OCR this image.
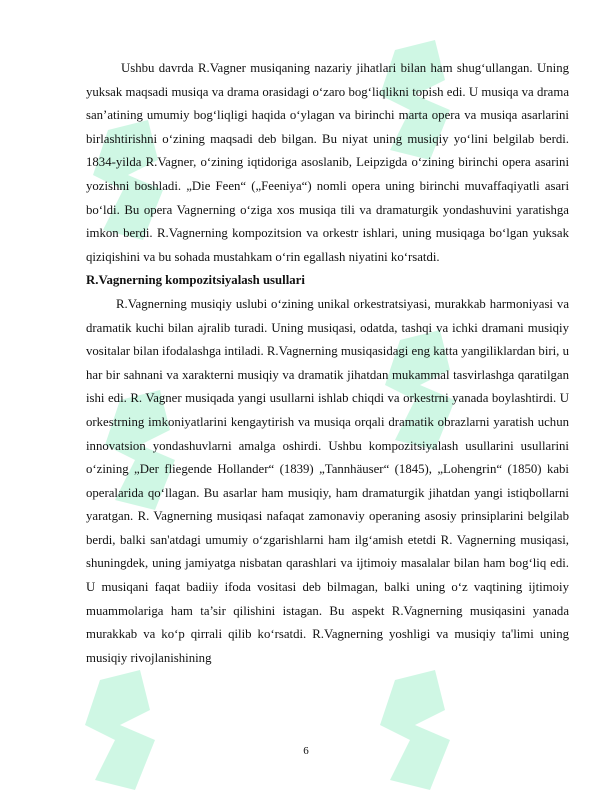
Ushbu davrda R.Vagner musiqaning nazariy jihatlari bilan ham shug‘ullangan. Uning yuksak maqsadi musiqa va drama orasidagi o‘zaro bog‘liqlikni topish edi. U musiqa va drama san’atining umumiy bog‘liqligi haqida o‘ylagan va birinchi marta opera va musiqa asarlarini birlashtirishni o‘zining maqsadi deb bilgan. Bu niyat uning musiqiy yo‘lini belgilab berdi. 1834-yilda R.Vagner, o‘zining iqtidoriga asoslanib, Leipzigda o‘zining birinchi opera asarini yozishni boshladi. „Die Feen“ („Feeniya“) nomli opera uning birinchi muvaffaqiyatli asari bo‘ldi. Bu opera Vagnerning o‘ziga xos musiqa tili va dramaturgik yondashuvini yaratishga imkon berdi. R.Vagnerning kompozitsion va orkestr ishlari, uning musiqaga bo‘lgan yuksak qiziqishini va bu sohada mustahkam o‘rin egallash niyatini ko‘rsatdi.

R.Vagnerning kompozitsiyalash usullari

R.Vagnerning musiqiy uslubi o‘zining unikal orkestratsiyasi, murakkab harmoniyasi va dramatik kuchi bilan ajralib turadi. Uning musiqasi, odatda, tashqi va ichki dramani musiqiy vositalar bilan ifodalashga intiladi. R.Vagnerning musiqasidagi eng katta yangiliklardan biri, u har bir sahnani va xarakterni musiqiy va dramatik jihatdan mukammal tasvirlashga qaratilgan ishi edi. R. Vagner musiqada yangi usullarni ishlab chiqdi va orkestrni yanada boylashtirdi. U orkestrning imkoniyatlarini kengaytirish va musiqa orqali dramatik obrazlarni yaratish uchun innovatsion yondashuvlarni amalga oshirdi. Ushbu kompozitsiyalash usullarini usullarini o‘zining „Der fliegende Hollander“ (1839) „Tannhäuser“ (1845), „Lohengrin“ (1850) kabi operalarida qo‘llagan. Bu asarlar ham musiqiy, ham dramaturgik jihatdan yangi istiqbollarni yaratgan. R. Vagnerning musiqasi nafaqat zamonaviy operaning asosiy prinsiplarini belgilab berdi, balki san'atdagi umumiy o‘zgarishlarni ham ilg‘amish etetdi R. Vagnerning musiqasi, shuningdek, uning jamiyatga nisbatan qarashlari va ijtimoiy masalalar bilan ham bog‘liq edi. U musiqani faqat badiiy ifoda vositasi deb bilmagan, balki uning o‘z vaqtining ijtimoiy muammolariga ham ta’sir qilishini istagan. Bu aspekt R.Vagnerning musiqasini yanada murakkab va ko‘p qirrali qilib ko‘rsatdi. R.Vagnerning yoshligi va musiqiy ta'limi uning musiqiy rivojlanishining

6
